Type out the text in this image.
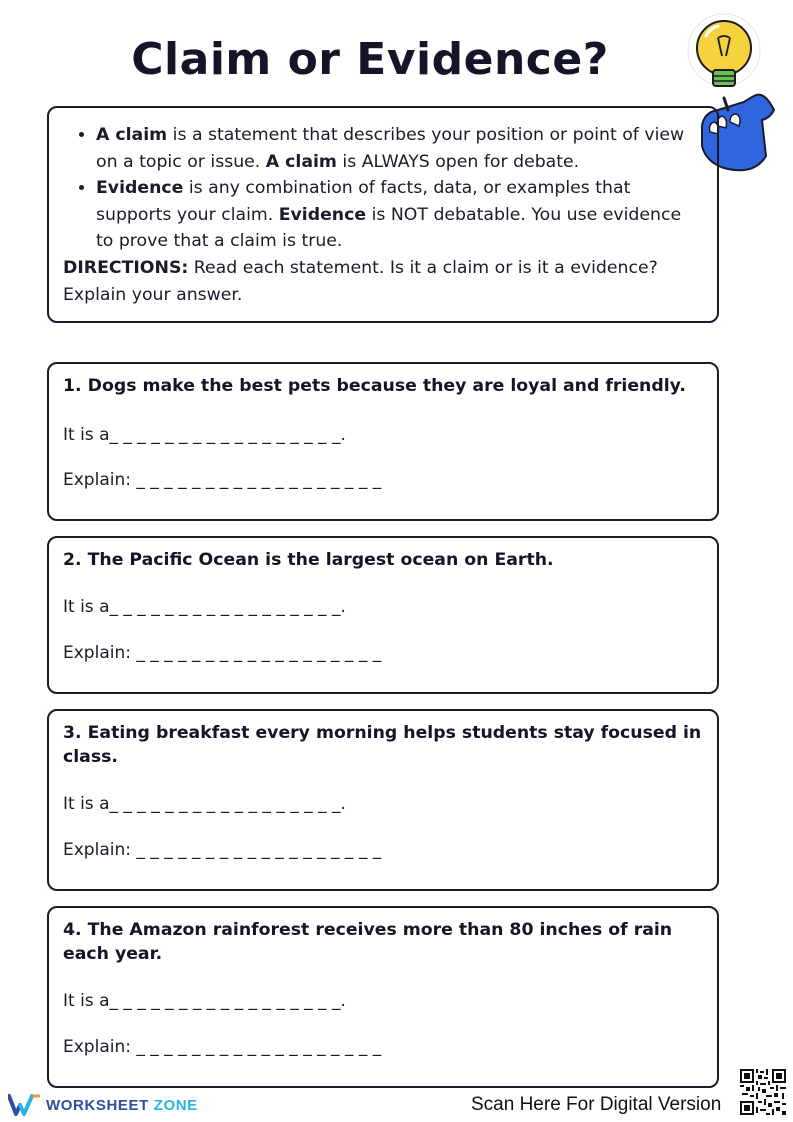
Claim or Evidence?
• A claim is a statement that describes your position or point of view on a topic or issue. A claim is ALWAYS open for debate.
• Evidence is any combination of facts, data, or examples that supports your claim. Evidence is NOT debatable. You use evidence to prove that a claim is true.
DIRECTIONS: Read each statement. Is it a claim or is it a evidence? Explain your answer.
1. Dogs make the best pets because they are loyal and friendly.
It is a_ _ _ _ _ _ _ _ _ _ _ _ _ _ _ _ _.
Explain: _ _ _ _ _ _ _ _ _ _ _ _ _ _ _ _ _ _
2. The Pacific Ocean is the largest ocean on Earth.
It is a_ _ _ _ _ _ _ _ _ _ _ _ _ _ _ _ _.
Explain: _ _ _ _ _ _ _ _ _ _ _ _ _ _ _ _ _ _
3. Eating breakfast every morning helps students stay focused in class.
It is a_ _ _ _ _ _ _ _ _ _ _ _ _ _ _ _ _.
Explain: _ _ _ _ _ _ _ _ _ _ _ _ _ _ _ _ _ _
4. The Amazon rainforest receives more than 80 inches of rain each year.
It is a_ _ _ _ _ _ _ _ _ _ _ _ _ _ _ _ _.
Explain: _ _ _ _ _ _ _ _ _ _ _ _ _ _ _ _ _ _
WORKSHEET ZONE	Scan Here For Digital Version
